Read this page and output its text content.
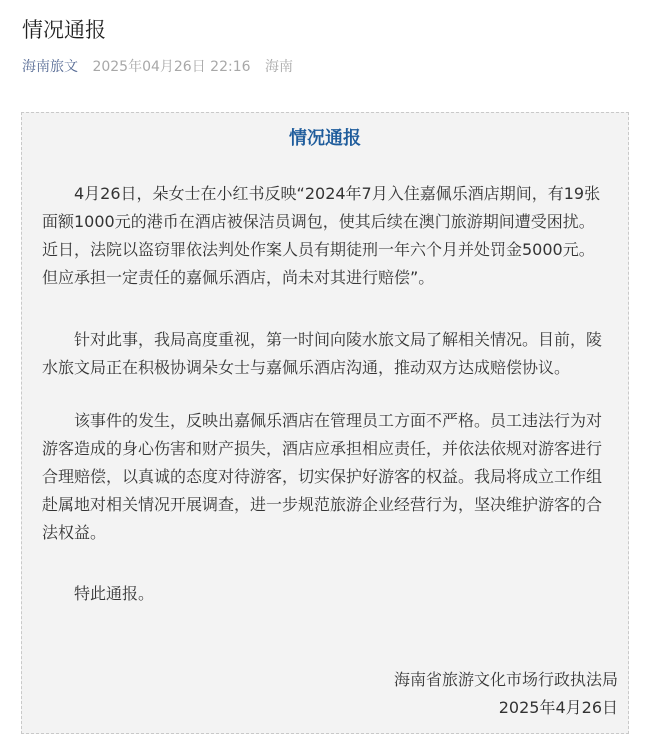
情况通报
海南旅文 2025年04月26日 22:16 海南
情况通报
　　4月26日，朵女士在小红书反映“2024年7月入住嘉佩乐酒店期间，有19张
面额1000元的港币在酒店被保洁员调包，使其后续在澳门旅游期间遭受困扰。
近日，法院以盗窃罪依法判处作案人员有期徒刑一年六个月并处罚金5000元。
但应承担一定责任的嘉佩乐酒店，尚未对其进行赔偿”。
　　针对此事，我局高度重视，第一时间向陵水旅文局了解相关情况。目前，陵
水旅文局正在积极协调朵女士与嘉佩乐酒店沟通，推动双方达成赔偿协议。
　　该事件的发生，反映出嘉佩乐酒店在管理员工方面不严格。员工违法行为对
游客造成的身心伤害和财产损失，酒店应承担相应责任，并依法依规对游客进行
合理赔偿，以真诚的态度对待游客，切实保护好游客的权益。我局将成立工作组
赴属地对相关情况开展调查，进一步规范旅游企业经营行为，坚决维护游客的合
法权益。
　　特此通报。
海南省旅游文化市场行政执法局
2025年4月26日
